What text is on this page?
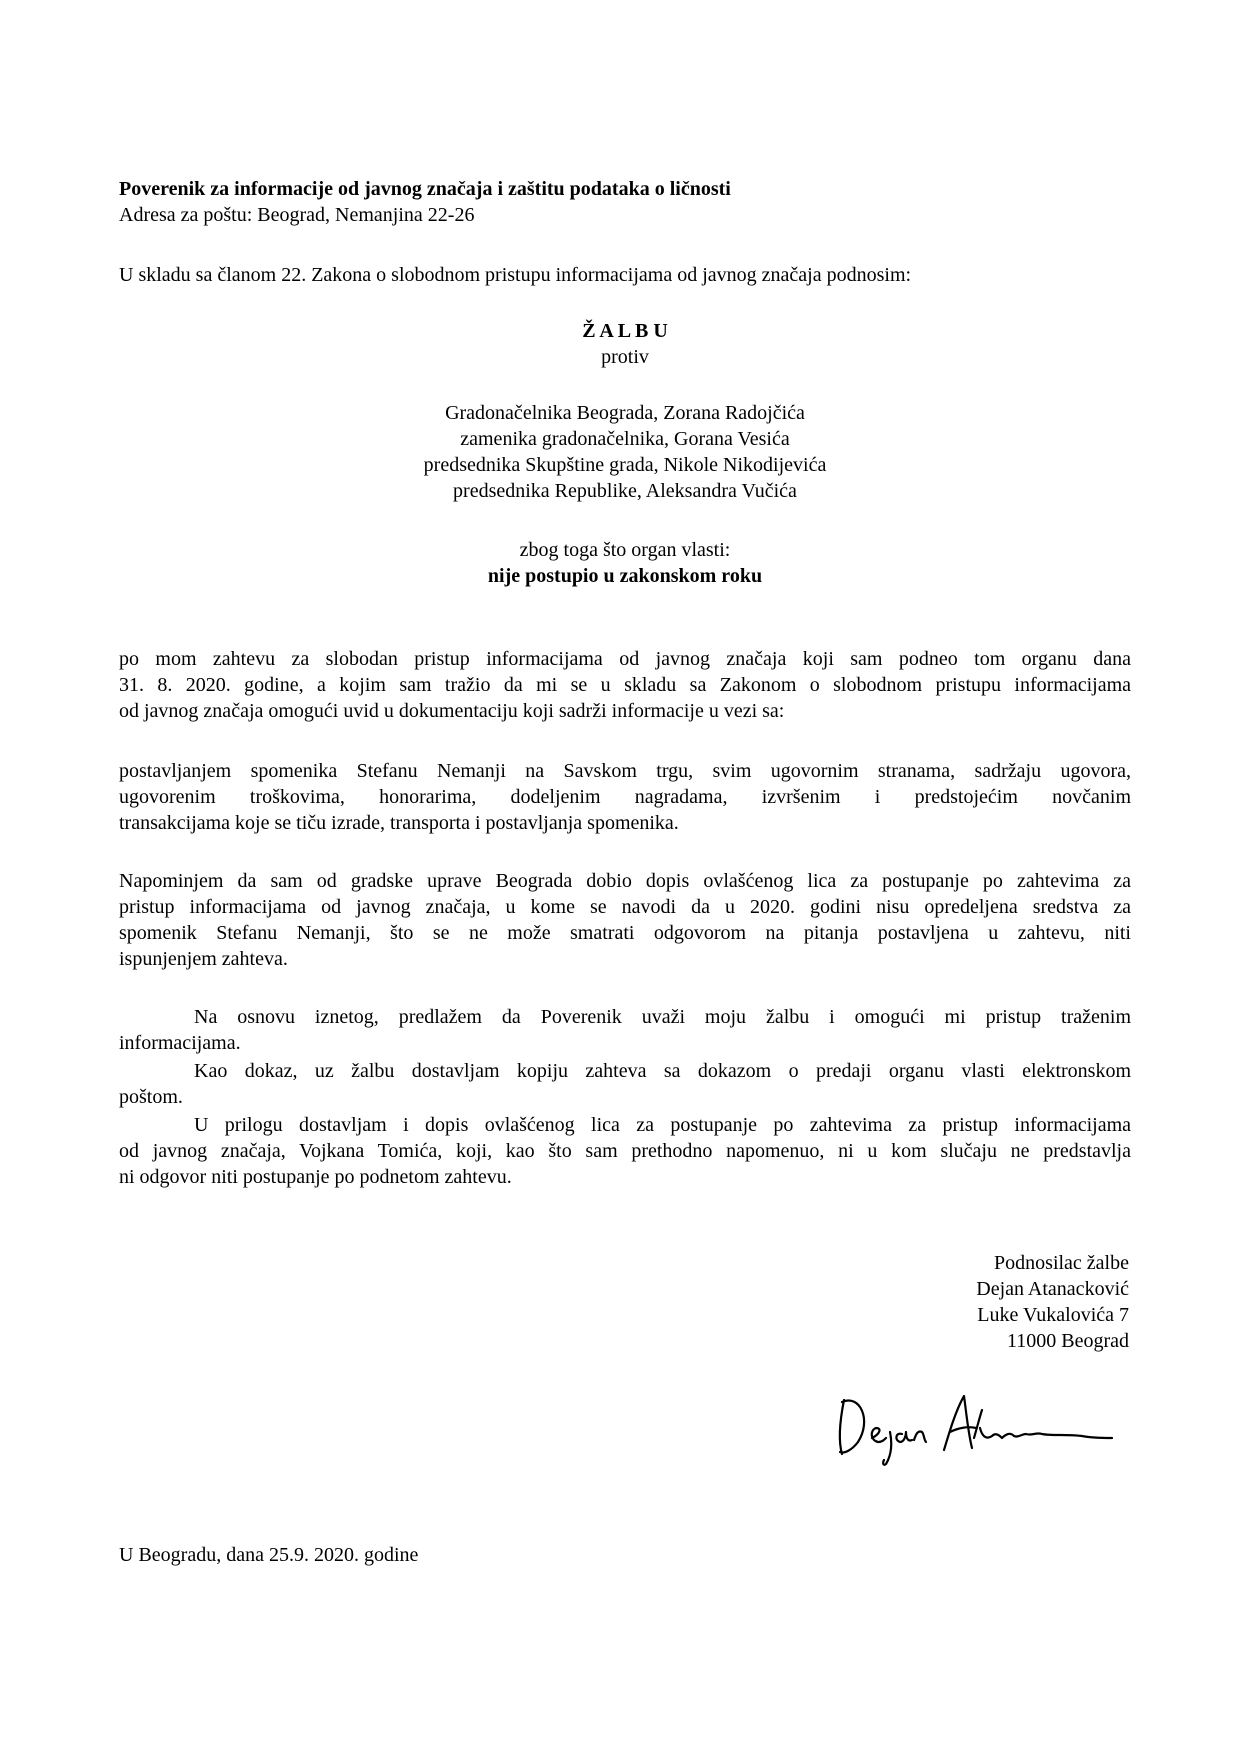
Poverenik za informacije od javnog značaja i zaštitu podataka o ličnosti
Adresa za poštu: Beograd, Nemanjina 22-26
U skladu sa članom 22. Zakona o slobodnom pristupu informacijama od javnog značaja podnosim:
Ž A L B U
protiv
Gradonačelnika Beograda, Zorana Radojčića
zamenika gradonačelnika, Gorana Vesića
predsednika Skupštine grada, Nikole Nikodijevića
predsednika Republike, Aleksandra Vučića
zbog toga što organ vlasti:
nije postupio u zakonskom roku
po mom zahtevu za slobodan pristup informacijama od javnog značaja koji sam podneo tom organu dana
31. 8. 2020. godine, a kojim sam tražio da mi se u skladu sa Zakonom o slobodnom pristupu informacijama
od javnog značaja omogući uvid u dokumentaciju koji sadrži informacije u vezi sa:
postavljanjem spomenika Stefanu Nemanji na Savskom trgu, svim ugovornim stranama, sadržaju ugovora,
ugovorenim troškovima, honorarima, dodeljenim nagradama, izvršenim i predstojećim novčanim
transakcijama koje se tiču izrade, transporta i postavljanja spomenika.
Napominjem da sam od gradske uprave Beograda dobio dopis ovlašćenog lica za postupanje po zahtevima za
pristup informacijama od javnog značaja, u kome se navodi da u 2020. godini nisu opredeljena sredstva za
spomenik Stefanu Nemanji, što se ne može smatrati odgovorom na pitanja postavljena u zahtevu, niti
ispunjenjem zahteva.
Na osnovu iznetog, predlažem da Poverenik uvaži moju žalbu i omogući mi pristup traženim
informacijama.
Kao dokaz, uz žalbu dostavljam kopiju zahteva sa dokazom o predaji organu vlasti elektronskom
poštom.
U prilogu dostavljam i dopis ovlašćenog lica za postupanje po zahtevima za pristup informacijama
od javnog značaja, Vojkana Tomića, koji, kao što sam prethodno napomenuo, ni u kom slučaju ne predstavlja
ni odgovor niti postupanje po podnetom zahtevu.
Podnosilac žalbe
Dejan Atanacković
Luke Vukalovića 7
11000 Beograd
U Beogradu, dana 25.9. 2020. godine
